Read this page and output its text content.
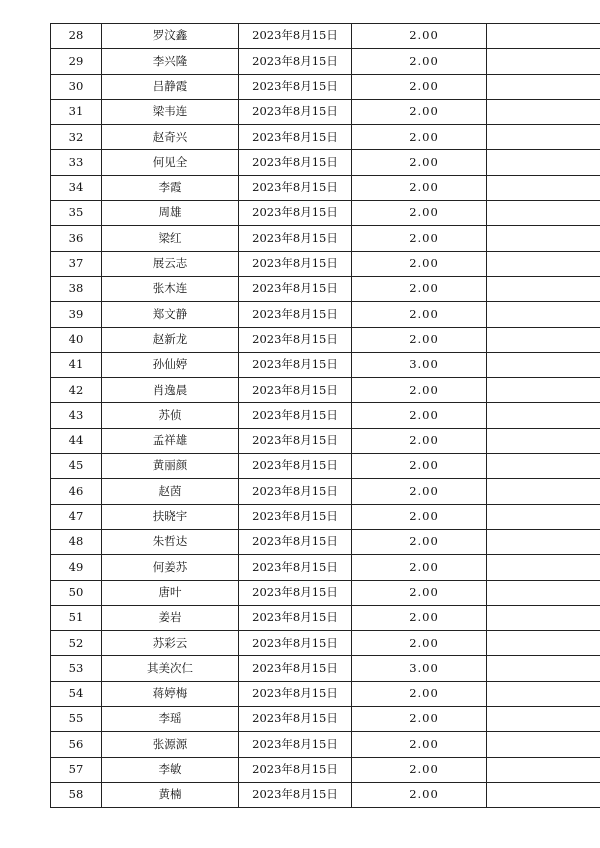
28	罗汶鑫	2023年8月15日	2.00	
29	李兴隆	2023年8月15日	2.00	
30	吕静霞	2023年8月15日	2.00	
31	梁韦连	2023年8月15日	2.00	
32	赵奇兴	2023年8月15日	2.00	
33	何见全	2023年8月15日	2.00	
34	李霞	2023年8月15日	2.00	
35	周雄	2023年8月15日	2.00	
36	梁红	2023年8月15日	2.00	
37	展云志	2023年8月15日	2.00	
38	张木连	2023年8月15日	2.00	
39	郑文静	2023年8月15日	2.00	
40	赵新龙	2023年8月15日	2.00	
41	孙仙婷	2023年8月15日	3.00	
42	肖逸晨	2023年8月15日	2.00	
43	苏侦	2023年8月15日	2.00	
44	孟祥雄	2023年8月15日	2.00	
45	黄丽颜	2023年8月15日	2.00	
46	赵茵	2023年8月15日	2.00	
47	扶晓宇	2023年8月15日	2.00	
48	朱哲达	2023年8月15日	2.00	
49	何姜苏	2023年8月15日	2.00	
50	唐叶	2023年8月15日	2.00	
51	姜岩	2023年8月15日	2.00	
52	苏彩云	2023年8月15日	2.00	
53	其美次仁	2023年8月15日	3.00	
54	蒋婷梅	2023年8月15日	2.00	
55	李瑶	2023年8月15日	2.00	
56	张源源	2023年8月15日	2.00	
57	李敏	2023年8月15日	2.00	
58	黄楠	2023年8月15日	2.00	
